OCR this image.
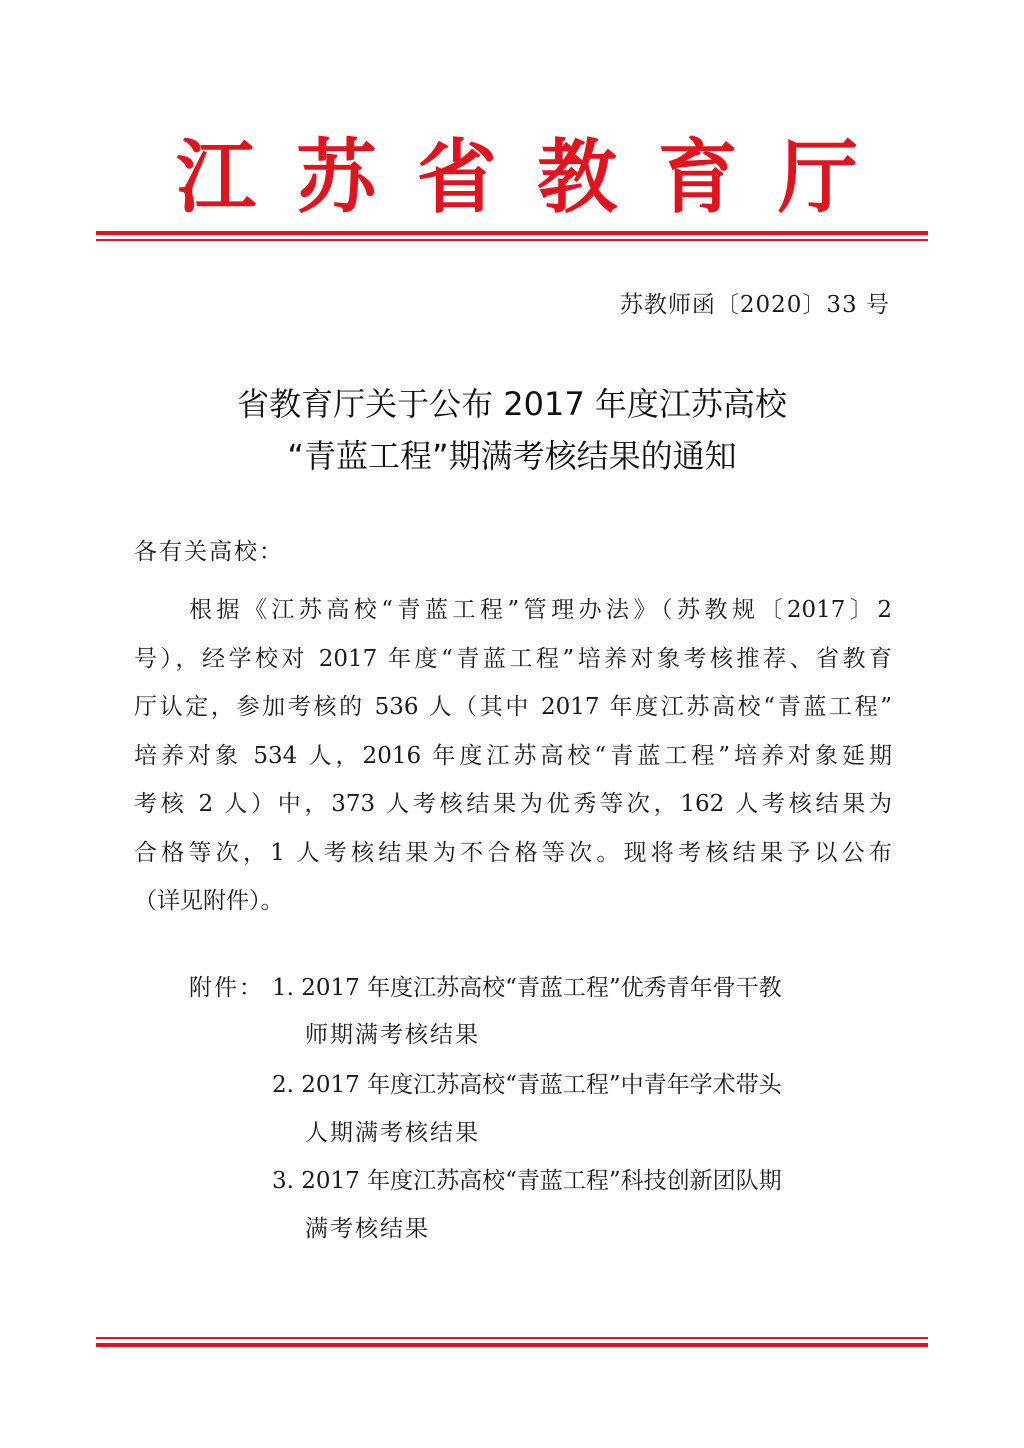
江 苏 省 教 育 厅
苏教师函〔2020〕33 号
省教育厅关于公布 2017 年度江苏高校
“青蓝工程”期满考核结果的通知
各有关高校：
　　根据《江苏高校“青蓝工程”管理办法》（苏教规〔2017〕2
号），经学校对 2017 年度“青蓝工程”培养对象考核推荐、省教育
厅认定，参加考核的 536 人（其中 2017 年度江苏高校“青蓝工程”
培养对象 534 人，2016 年度江苏高校“青蓝工程”培养对象延期
考核 2 人）中，373 人考核结果为优秀等次，162 人考核结果为
合格等次，1 人考核结果为不合格等次。现将考核结果予以公布
（详见附件）。
附件： 1. 2017 年度江苏高校“青蓝工程”优秀青年骨干教
师期满考核结果
2. 2017 年度江苏高校“青蓝工程”中青年学术带头
人期满考核结果
3. 2017 年度江苏高校“青蓝工程”科技创新团队期
满考核结果
